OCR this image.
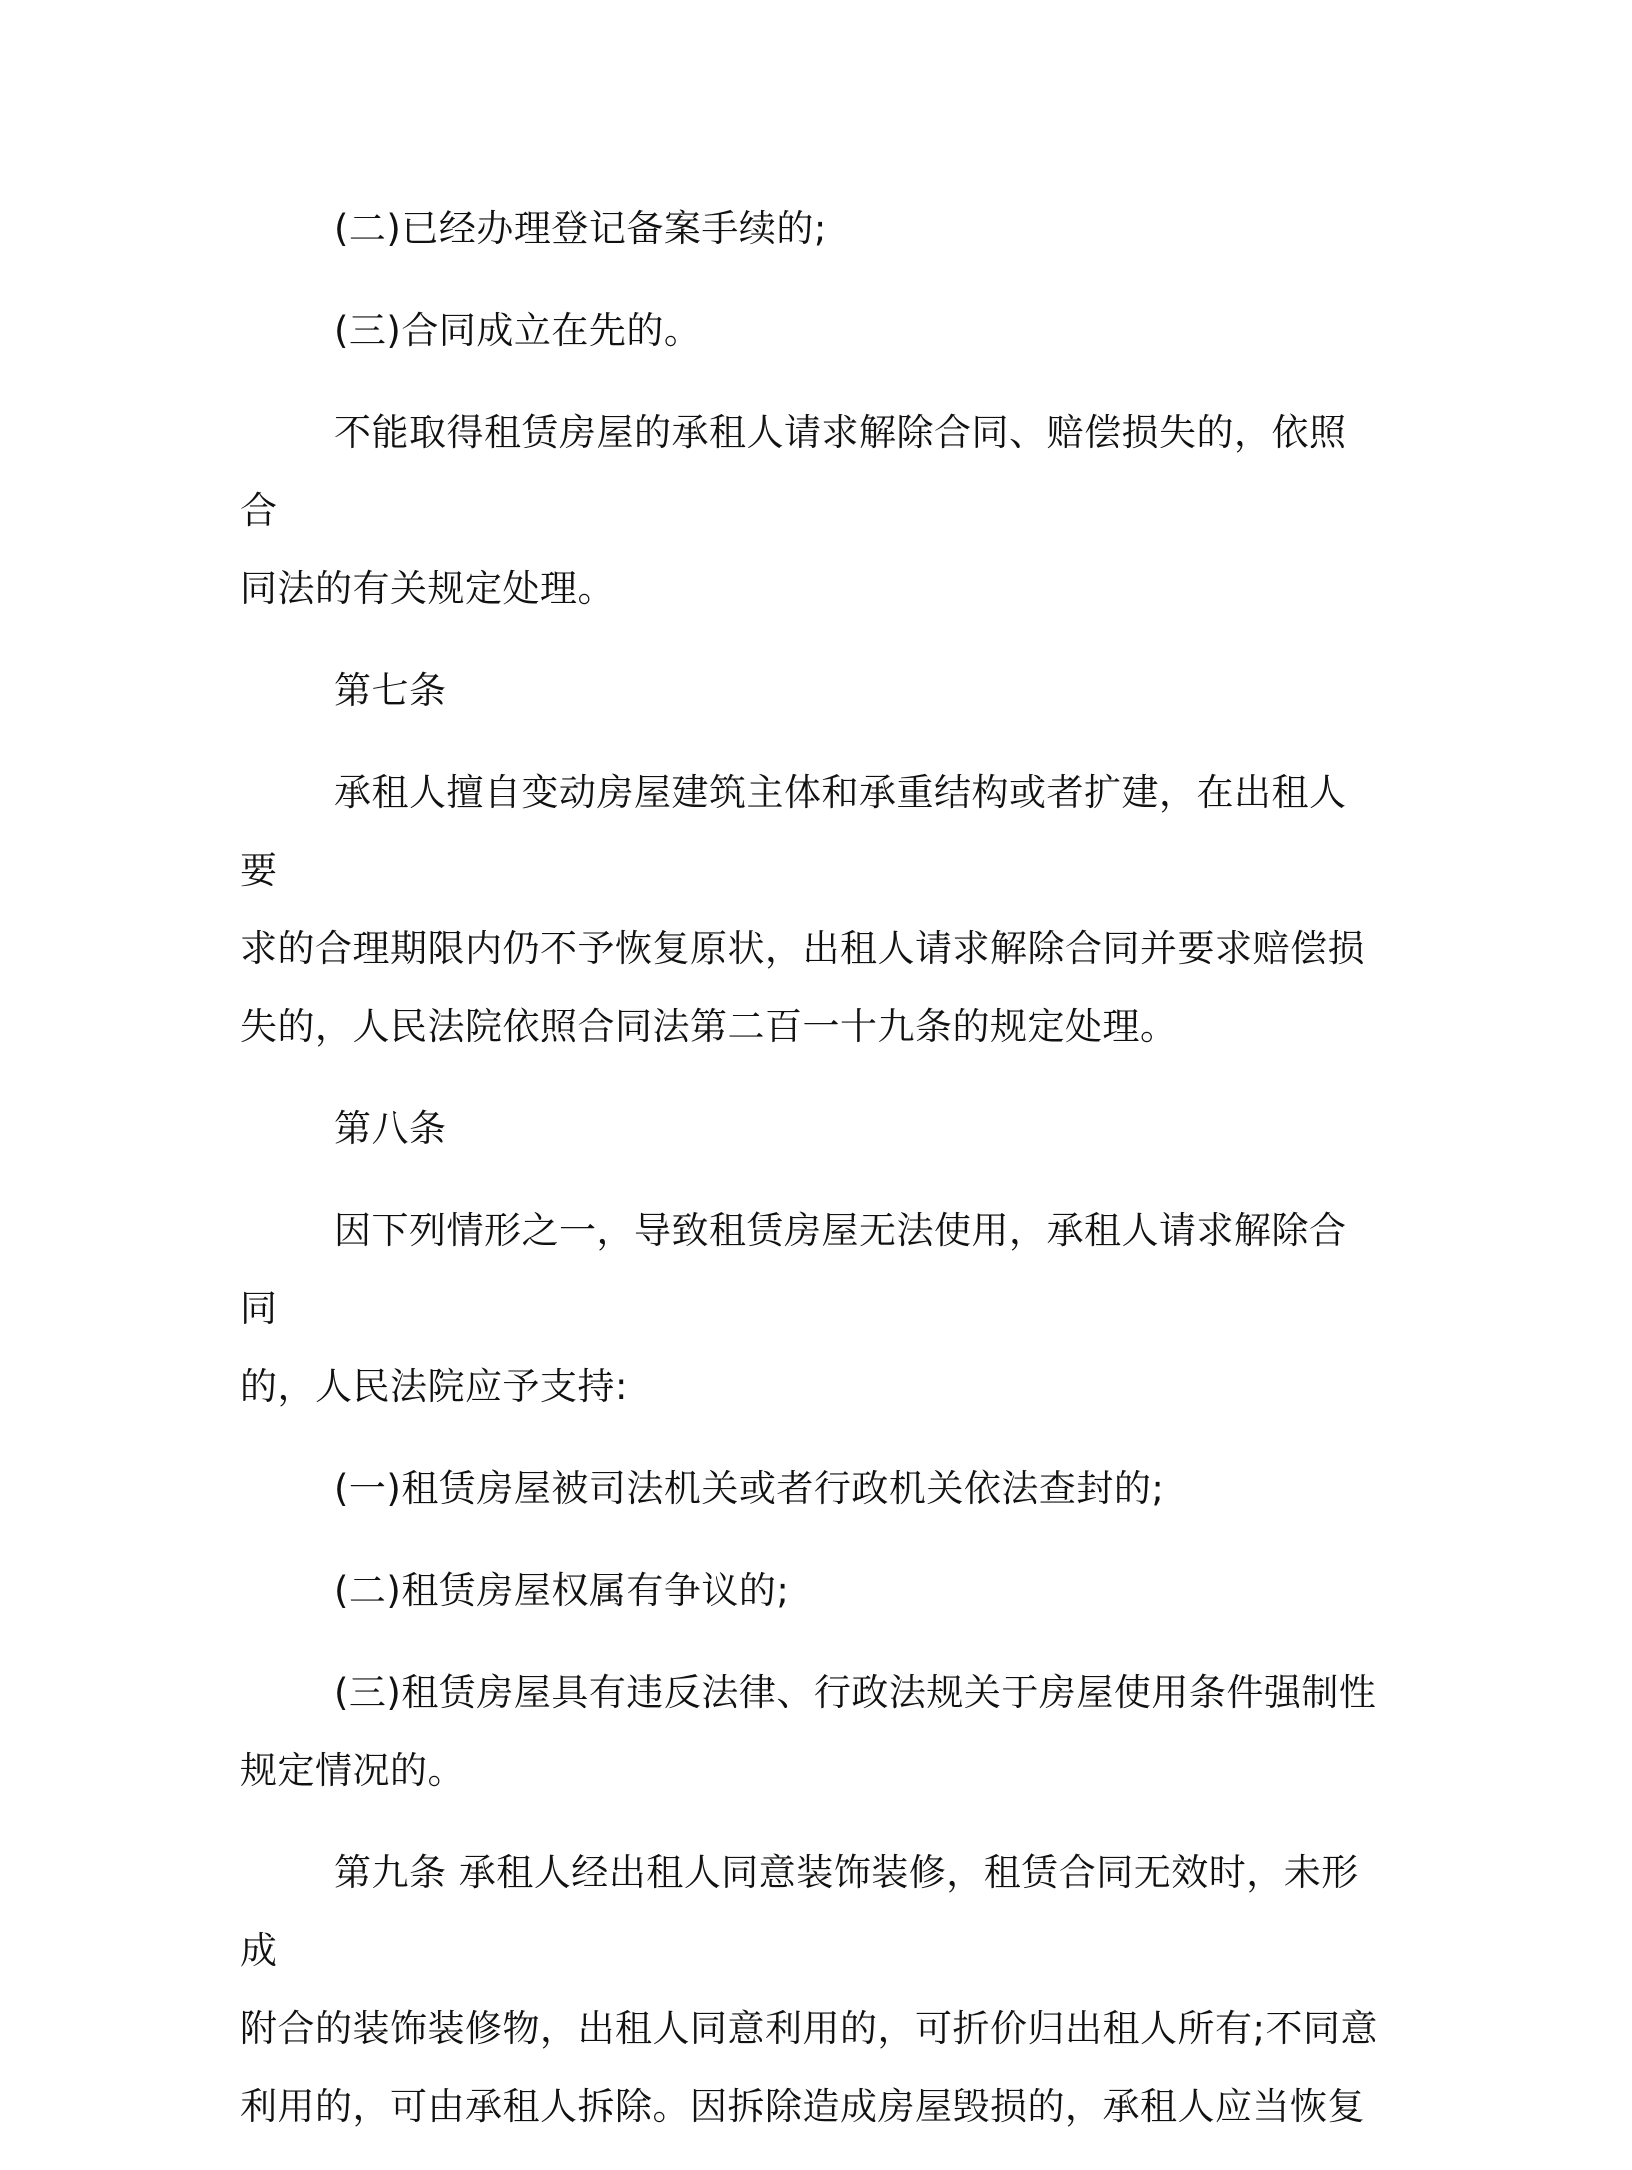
(二)已经办理登记备案手续的;

(三)合同成立在先的。

不能取得租赁房屋的承租人请求解除合同、赔偿损失的，依照合
同法的有关规定处理。

第七条

承租人擅自变动房屋建筑主体和承重结构或者扩建，在出租人要
求的合理期限内仍不予恢复原状，出租人请求解除合同并要求赔偿损
失的，人民法院依照合同法第二百一十九条的规定处理。

第八条

因下列情形之一，导致租赁房屋无法使用，承租人请求解除合同
的，人民法院应予支持:

(一)租赁房屋被司法机关或者行政机关依法查封的;

(二)租赁房屋权属有争议的;

(三)租赁房屋具有违反法律、行政法规关于房屋使用条件强制性
规定情况的。

第九条 承租人经出租人同意装饰装修，租赁合同无效时，未形成
附合的装饰装修物，出租人同意利用的，可折价归出租人所有;不同意
利用的，可由承租人拆除。因拆除造成房屋毁损的，承租人应当恢复
